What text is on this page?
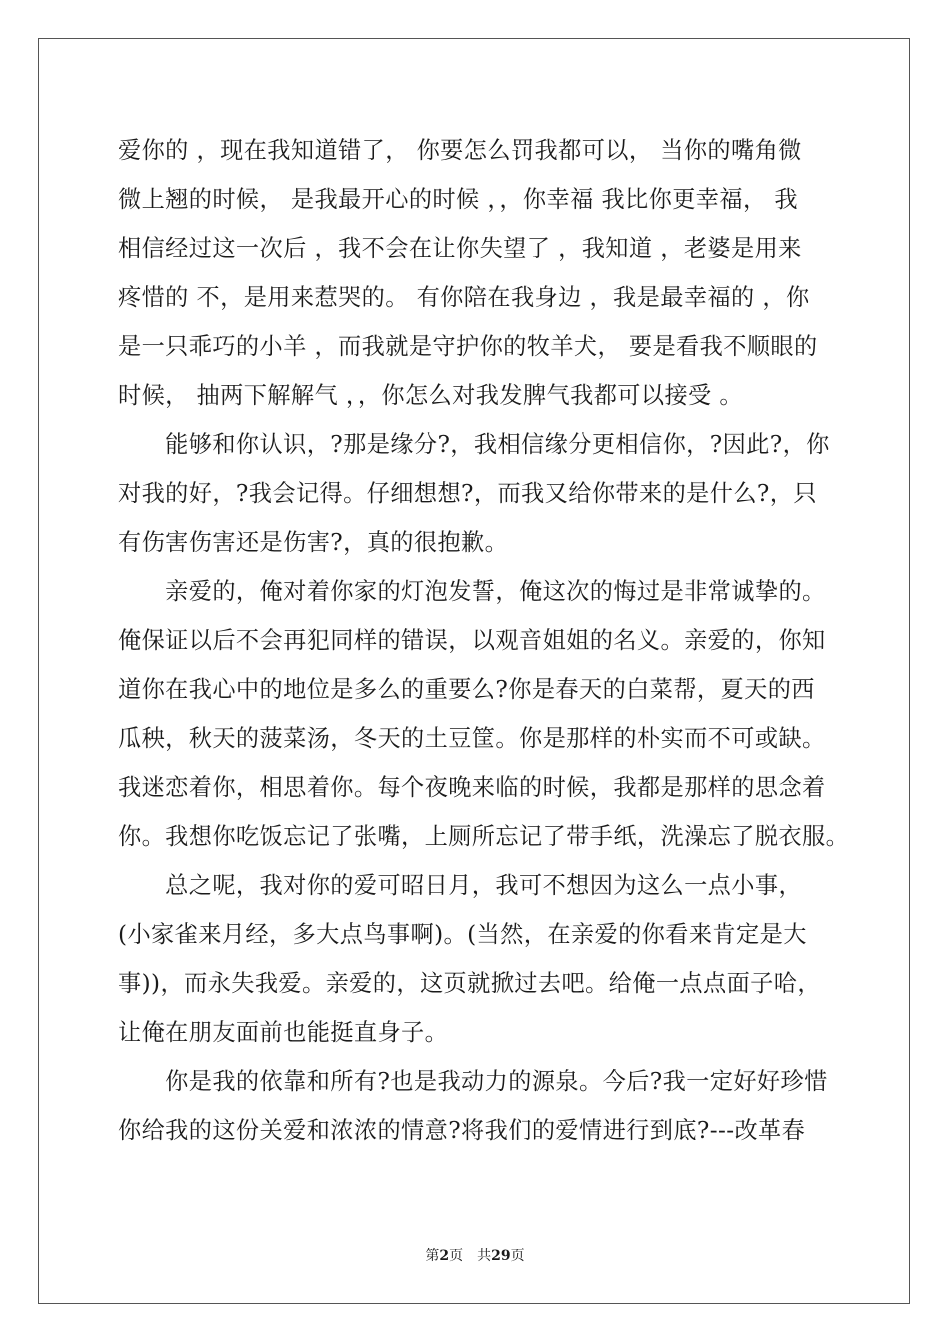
爱你的 ，现在我知道错了， 你要怎么罚我都可以， 当你的嘴角微
微上翘的时候， 是我最开心的时候 ，，你幸福 我比你更幸福， 我
相信经过这一次后 ，我不会在让你失望了 ，我知道 ，老婆是用来
疼惜的 不，是用来惹哭的。 有你陪在我身边 ，我是最幸福的 ，你
是一只乖巧的小羊 ，而我就是守护你的牧羊犬， 要是看我不顺眼的
时候， 抽两下解解气 ，，你怎么对我发脾气我都可以接受 。
　　能够和你认识，?那是缘分?，我相信缘分更相信你，?因此?，你
对我的好，?我会记得。仔细想想?，而我又给你带来的是什么?，只
有伤害伤害还是伤害?，真的很抱歉。
　　亲爱的，俺对着你家的灯泡发誓，俺这次的悔过是非常诚挚的。
俺保证以后不会再犯同样的错误，以观音姐姐的名义。亲爱的，你知
道你在我心中的地位是多么的重要么?你是春天的白菜帮，夏天的西
瓜秧，秋天的菠菜汤，冬天的土豆筐。你是那样的朴实而不可或缺。
我迷恋着你，相思着你。每个夜晚来临的时候，我都是那样的思念着
你。我想你吃饭忘记了张嘴，上厕所忘记了带手纸，洗澡忘了脱衣服。
　　总之呢，我对你的爱可昭日月，我可不想因为这么一点小事，
(小家雀来月经，多大点鸟事啊)。(当然，在亲爱的你看来肯定是大
事))，而永失我爱。亲爱的，这页就掀过去吧。给俺一点点面子哈，
让俺在朋友面前也能挺直身子。
　　你是我的依靠和所有?也是我动力的源泉。今后?我一定好好珍惜
你给我的这份关爱和浓浓的情意?将我们的爱情进行到底?---改革春
第2页　共29页
